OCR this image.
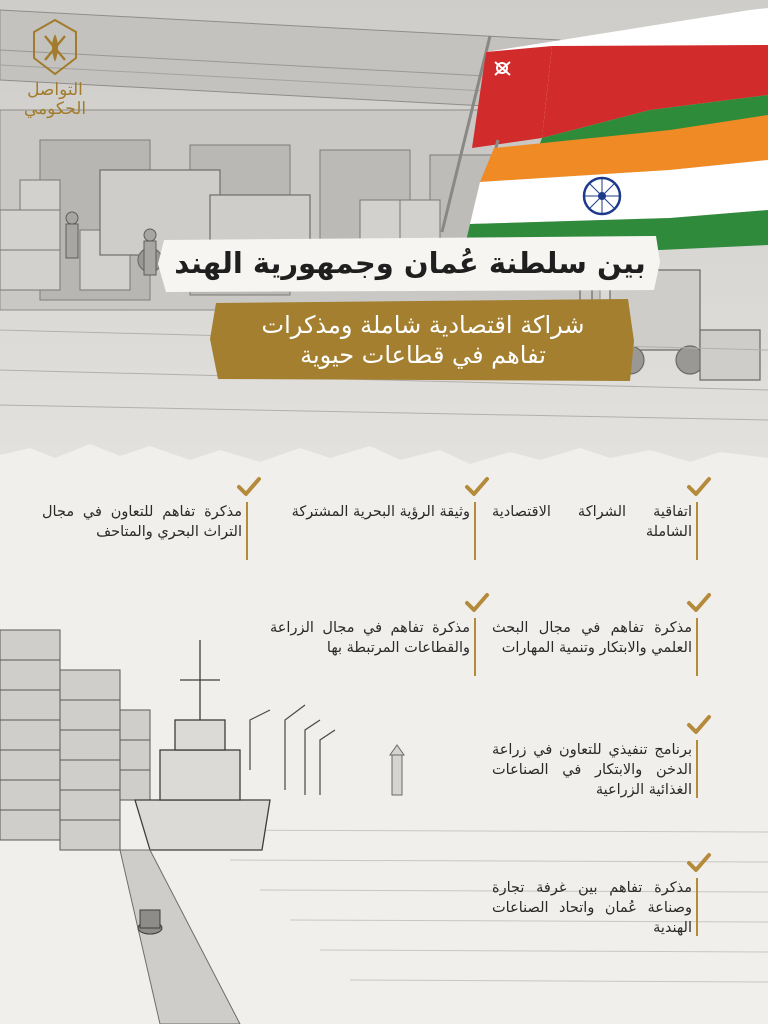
التواصل
الحكومي
بين سلطنة عُمان وجمهورية الهند
شراكة اقتصادية شاملة ومذكرات
تفاهم في قطاعات حيوية
اتفاقية الشراكة الاقتصادية الشاملة
وثيقة الرؤية البحرية المشتركة
مذكرة تفاهم للتعاون في مجال التراث البحري والمتاحف
مذكرة تفاهم في مجال البحث العلمي والابتكار وتنمية المهارات
مذكرة تفاهم في مجال الزراعة والقطاعات المرتبطة بها
برنامج تنفيذي للتعاون في زراعة الدخن والابتكار في الصناعات الغذائية الزراعية
مذكرة تفاهم بين غرفة تجارة وصناعة عُمان واتحاد الصناعات الهندية
